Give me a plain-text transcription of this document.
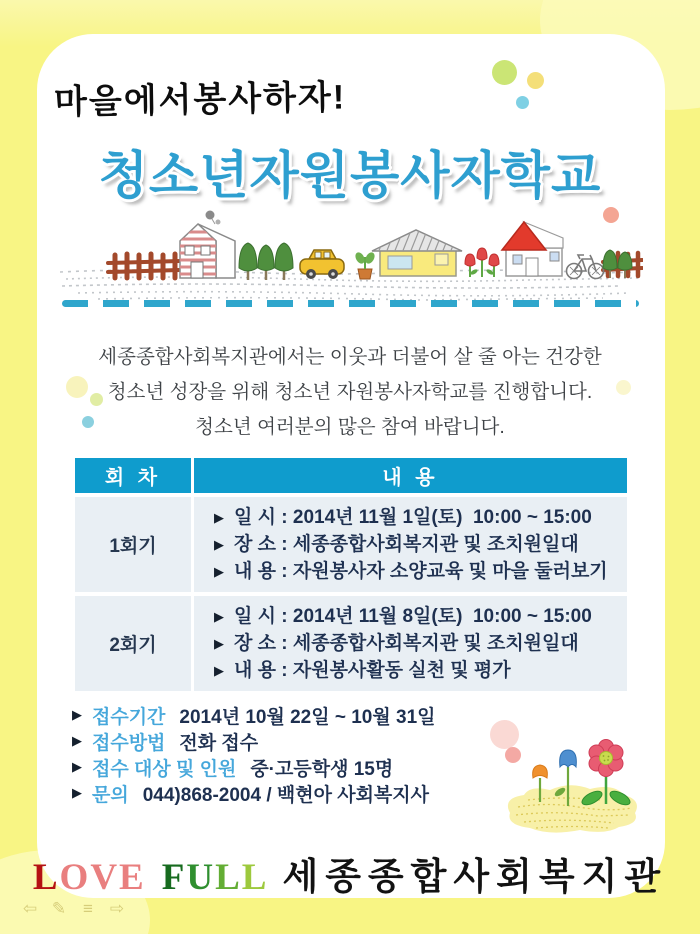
마을에서봉사하자!
청소년자원봉사자학교
세종종합사회복지관에서는 이웃과 더불어 살 줄 아는 건강한
청소년 성장을 위해 청소년 자원봉사자학교를 진행합니다.
청소년 여러분의 많은 참여 바랍니다.
회 차	내 용
1회기
▶ 일 시 : 2014년 11월 1일(토)  10:00 ~ 15:00
▶ 장 소 : 세종종합사회복지관 및 조치원일대
▶ 내 용 : 자원봉사자 소양교육 및 마을 둘러보기
2회기
▶ 일 시 : 2014년 11월 8일(토)  10:00 ~ 15:00
▶ 장 소 : 세종종합사회복지관 및 조치원일대
▶ 내 용 : 자원봉사활동 실천 및 평가
▶ 접수기간 2014년 10월 22일 ~ 10월 31일
▶ 접수방법 전화 접수
▶ 접수 대상 및 인원 중·고등학생 15명
▶ 문의 044)868-2004 / 백현아 사회복지사
LOVE FULL 세종종합사회복지관
⇦ ✎ ≡ ⇨
